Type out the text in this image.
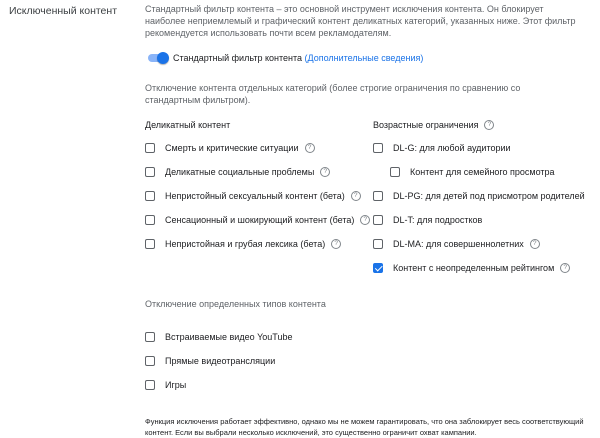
Исключенный контент	Стандартный фильтр контента – это основной инструмент исключения контента. Он блокирует наиболее неприемлемый и графический контент деликатных категорий, указанных ниже. Этот фильтр рекомендуется использовать почти всем рекламодателям.
Стандартный фильтр контента (Дополнительные сведения)
Отключение контента отдельных категорий (более строгие ограничения по сравнению со стандартным фильтром).
Деликатный контент
Смерть и критические ситуации	?
Деликатные социальные проблемы	?
Непристойный сексуальный контент (бета)	?
Сенсационный и шокирующий контент (бета)	?
Непристойная и грубая лексика (бета)	?
Возрастные ограничения	?
DL-G: для любой аудитории
Контент для семейного просмотра
DL-PG: для детей под присмотром родителей
DL-T: для подростков
DL-MA: для совершеннолетних	?
Контент с неопределенным рейтингом	?
Отключение определенных типов контента
Встраиваемые видео YouTube
Прямые видеотрансляции
Игры
Функция исключения работает эффективно, однако мы не можем гарантировать, что она заблокирует весь соответствующий контент. Если вы выбрали несколько исключений, это существенно ограничит охват кампании.
